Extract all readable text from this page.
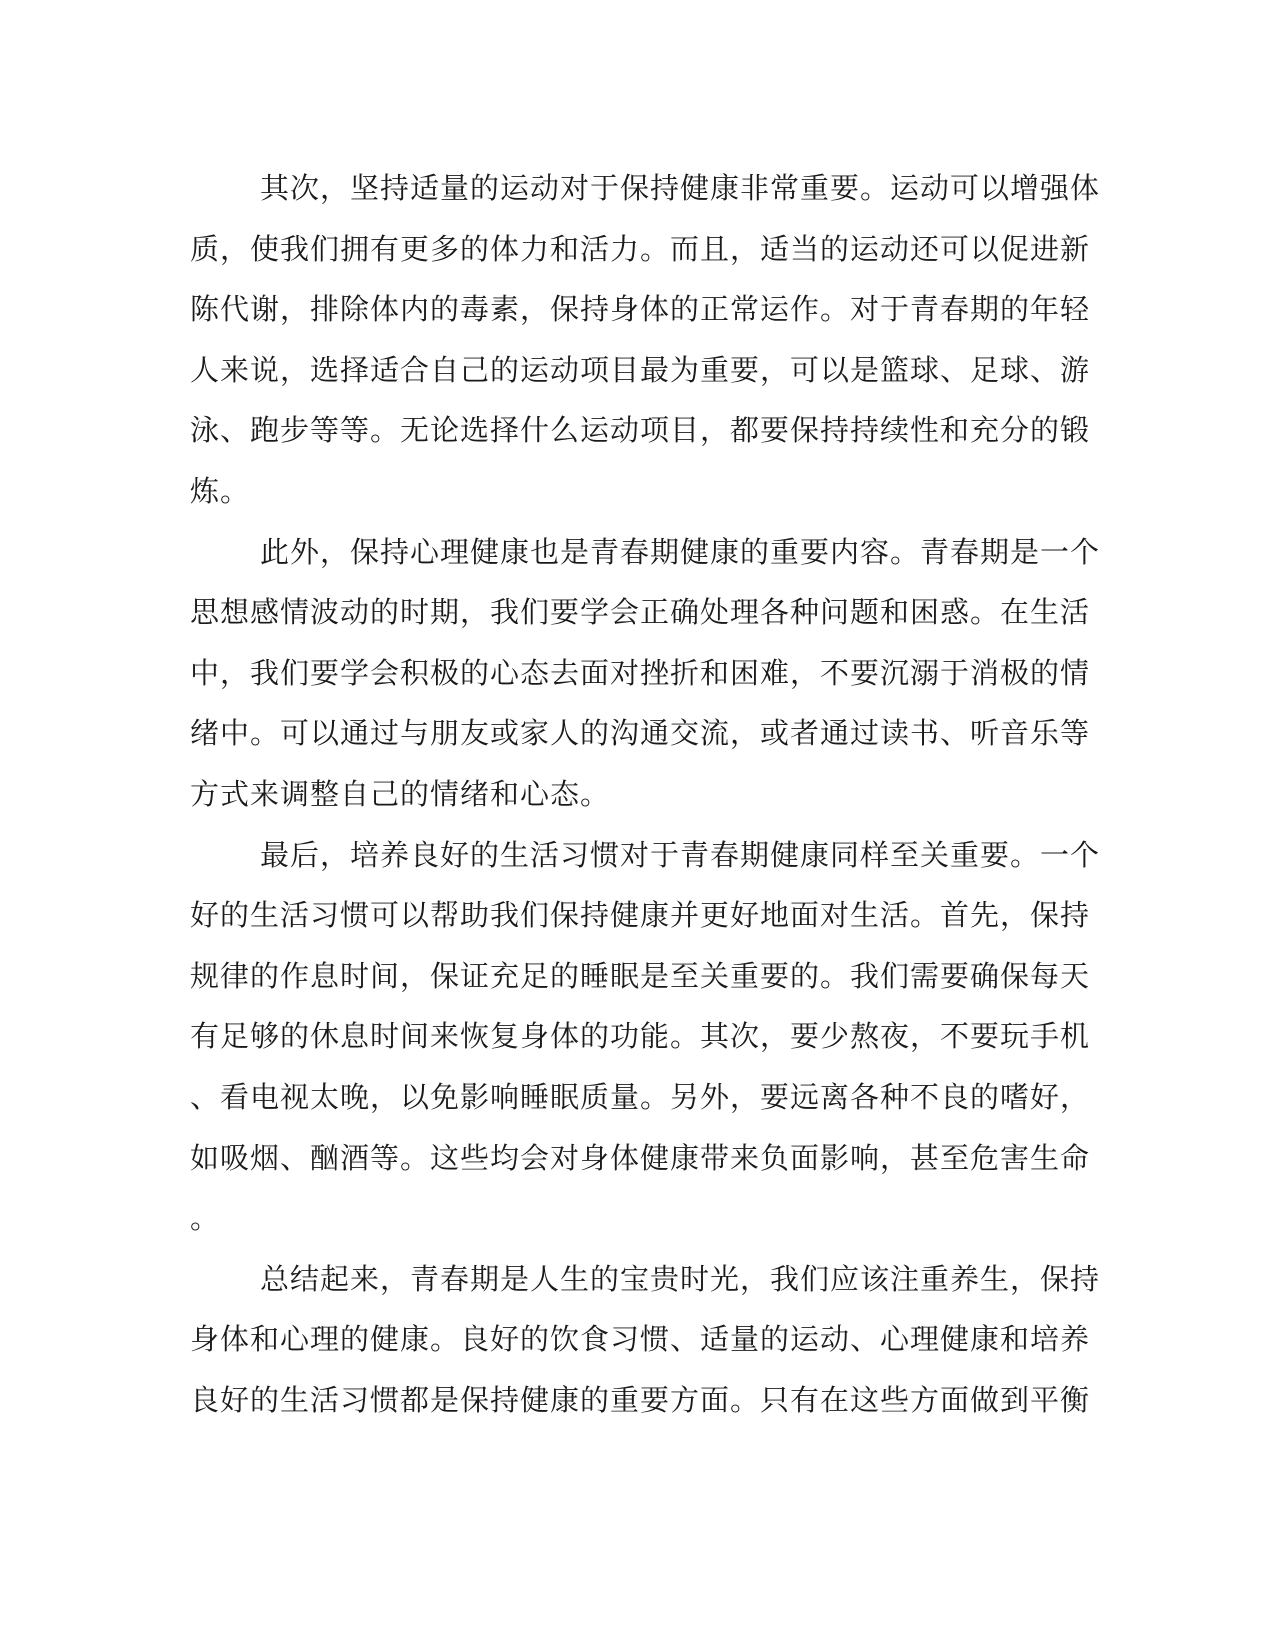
其次，坚持适量的运动对于保持健康非常重要。运动可以增强体
质，使我们拥有更多的体力和活力。而且，适当的运动还可以促进新
陈代谢，排除体内的毒素，保持身体的正常运作。对于青春期的年轻
人来说，选择适合自己的运动项目最为重要，可以是篮球、足球、游
泳、跑步等等。无论选择什么运动项目，都要保持持续性和充分的锻
炼。
此外，保持心理健康也是青春期健康的重要内容。青春期是一个
思想感情波动的时期，我们要学会正确处理各种问题和困惑。在生活
中，我们要学会积极的心态去面对挫折和困难，不要沉溺于消极的情
绪中。可以通过与朋友或家人的沟通交流，或者通过读书、听音乐等
方式来调整自己的情绪和心态。
最后，培养良好的生活习惯对于青春期健康同样至关重要。一个
好的生活习惯可以帮助我们保持健康并更好地面对生活。首先，保持
规律的作息时间，保证充足的睡眠是至关重要的。我们需要确保每天
有足够的休息时间来恢复身体的功能。其次，要少熬夜，不要玩手机
、看电视太晚，以免影响睡眠质量。另外，要远离各种不良的嗜好，
如吸烟、酗酒等。这些均会对身体健康带来负面影响，甚至危害生命
。
总结起来，青春期是人生的宝贵时光，我们应该注重养生，保持
身体和心理的健康。良好的饮食习惯、适量的运动、心理健康和培养
良好的生活习惯都是保持健康的重要方面。只有在这些方面做到平衡
